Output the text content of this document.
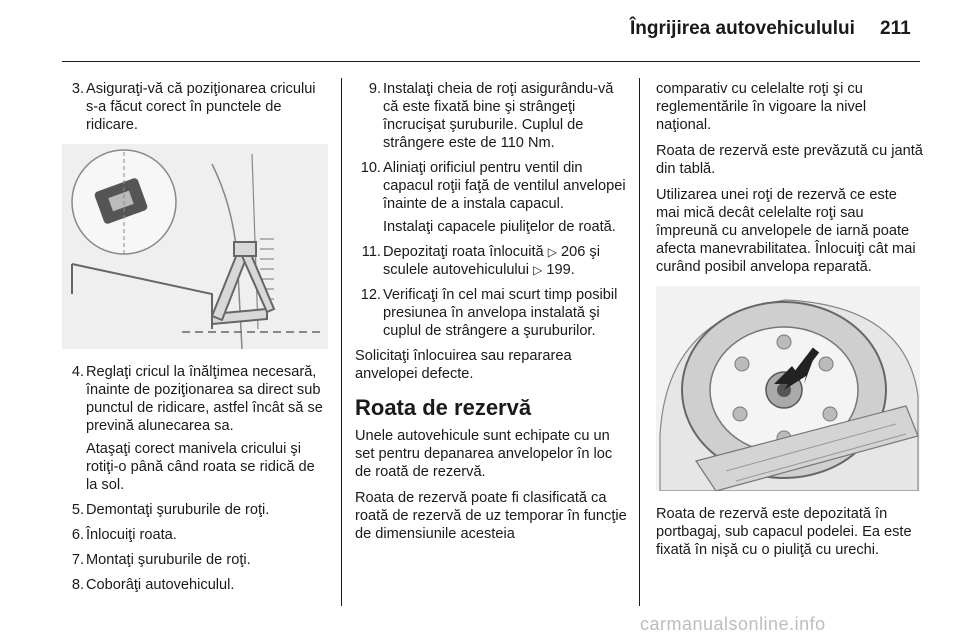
Îngrijirea autovehiculului 211
3. Asiguraţi-vă că poziţionarea cricului s-a făcut corect în punctele de ridicare.
4. Reglaţi cricul la înălţimea necesară, înainte de poziţionarea sa direct sub punctul de ridicare, astfel încât să se prevină alunecarea sa.
Ataşaţi corect manivela cricului şi rotiţi-o până când roata se ridică de la sol.
5. Demontaţi şuruburile de roţi.
6. Înlocuiţi roata.
7. Montaţi şuruburile de roţi.
8. Coborâţi autovehiculul.
9. Instalaţi cheia de roţi asigurându-vă că este fixată bine şi strângeţi încrucişat şuruburile. Cuplul de strângere este de 110 Nm.
10. Aliniaţi orificiul pentru ventil din capacul roţii faţă de ventilul anvelopei înainte de a instala capacul.
Instalaţi capacele piuliţelor de roată.
11. Depozitaţi roata înlocuită ▷ 206 şi sculele autovehiculului ▷ 199.
12. Verificaţi în cel mai scurt timp posibil presiunea în anvelopa instalată şi cuplul de strângere a şuruburilor.

Solicitaţi înlocuirea sau repararea anvelopei defecte.

Roata de rezervă

Unele autovehicule sunt echipate cu un set pentru depanarea anvelopelor în loc de roată de rezervă.

Roata de rezervă poate fi clasificată ca roată de rezervă de uz temporar în funcţie de dimensiunile acesteia

comparativ cu celelalte roţi şi cu reglementările în vigoare la nivel naţional.

Roata de rezervă este prevăzută cu jantă din tablă.

Utilizarea unei roţi de rezervă ce este mai mică decât celelalte roţi sau împreună cu anvelopele de iarnă poate afecta manevrabilitatea. Înlocuiţi cât mai curând posibil anvelopa reparată.

Roata de rezervă este depozitată în portbagaj, sub capacul podelei. Ea este fixată în nişă cu o piuliţă cu urechi.

carmanualsonline.info
